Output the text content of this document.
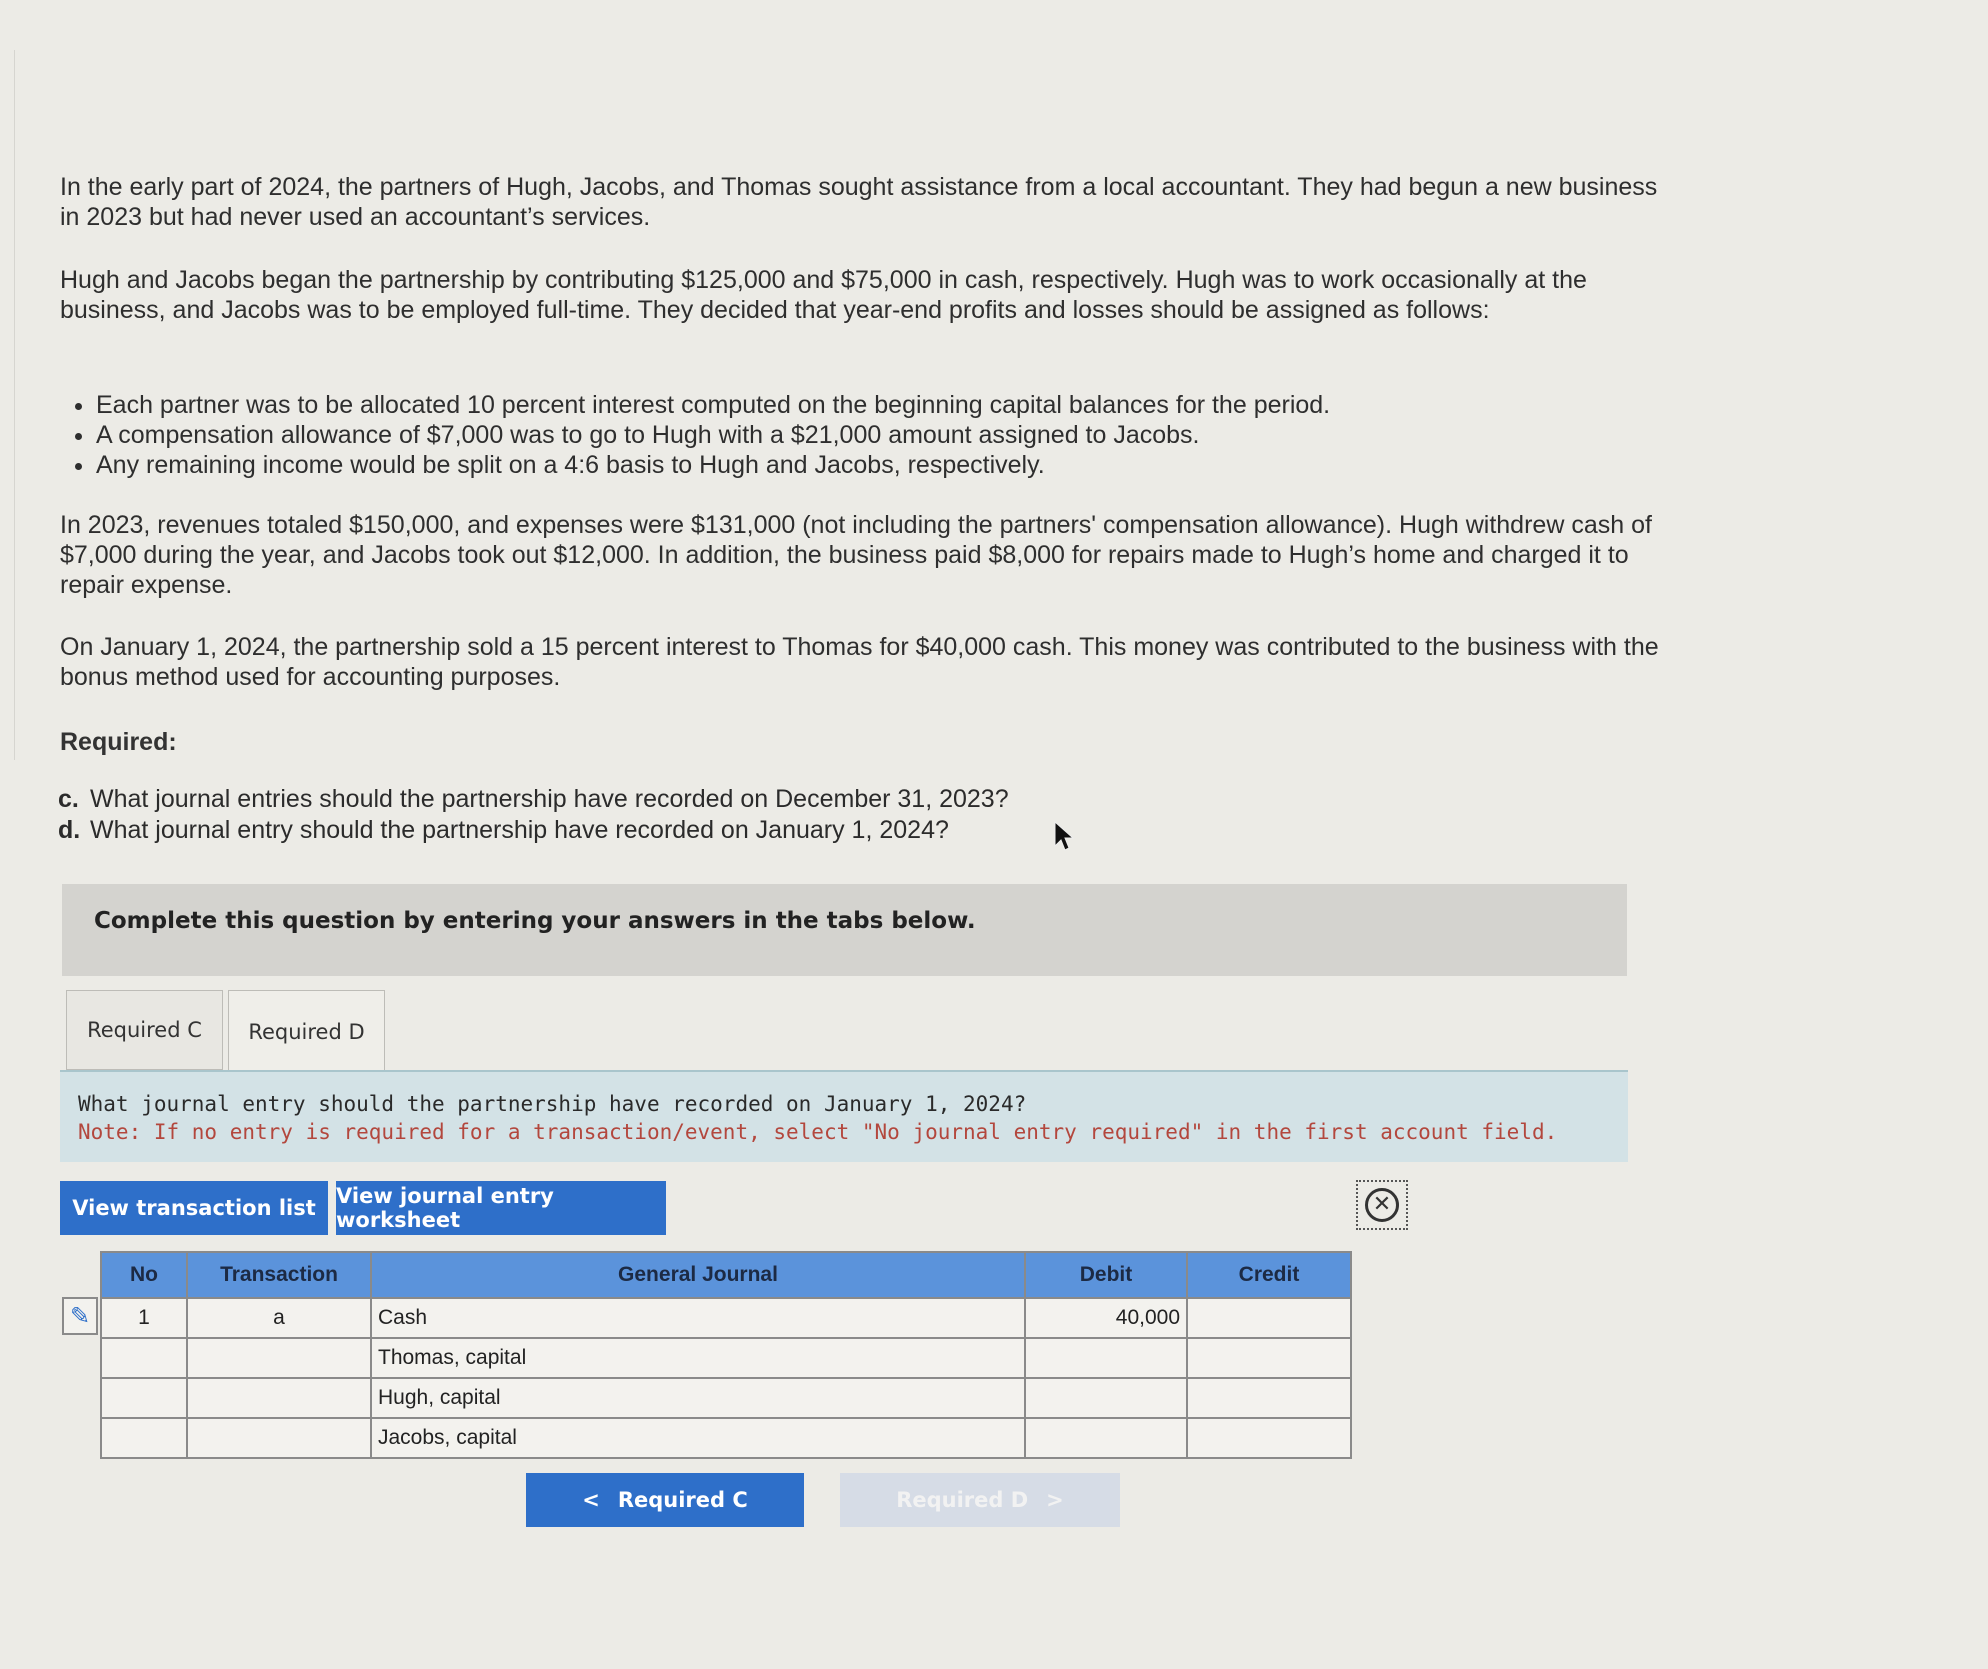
In the early part of 2024, the partners of Hugh, Jacobs, and Thomas sought assistance from a local accountant. They had begun a new business in 2023 but had never used an accountant’s services.

Hugh and Jacobs began the partnership by contributing $125,000 and $75,000 in cash, respectively. Hugh was to work occasionally at the business, and Jacobs was to be employed full-time. They decided that year-end profits and losses should be assigned as follows:

• Each partner was to be allocated 10 percent interest computed on the beginning capital balances for the period.
• A compensation allowance of $7,000 was to go to Hugh with a $21,000 amount assigned to Jacobs.
• Any remaining income would be split on a 4:6 basis to Hugh and Jacobs, respectively.

In 2023, revenues totaled $150,000, and expenses were $131,000 (not including the partners' compensation allowance). Hugh withdrew cash of $7,000 during the year, and Jacobs took out $12,000. In addition, the business paid $8,000 for repairs made to Hugh’s home and charged it to repair expense.

On January 1, 2024, the partnership sold a 15 percent interest to Thomas for $40,000 cash. This money was contributed to the business with the bonus method used for accounting purposes.

Required:
c. What journal entries should the partnership have recorded on December 31, 2023?
d. What journal entry should the partnership have recorded on January 1, 2024?
Complete this question by entering your answers in the tabs below.
Required C	Required D
What journal entry should the partnership have recorded on January 1, 2024?
Note: If no entry is required for a transaction/event, select "No journal entry required" in the first account field.
View transaction list View journal entry worksheet
✕
✎
No	Transaction	General Journal	Debit	Credit
1	a	Cash	40,000	
		Thomas, capital		
		Hugh, capital		
		Jacobs, capital		
< Required C	Required D >
